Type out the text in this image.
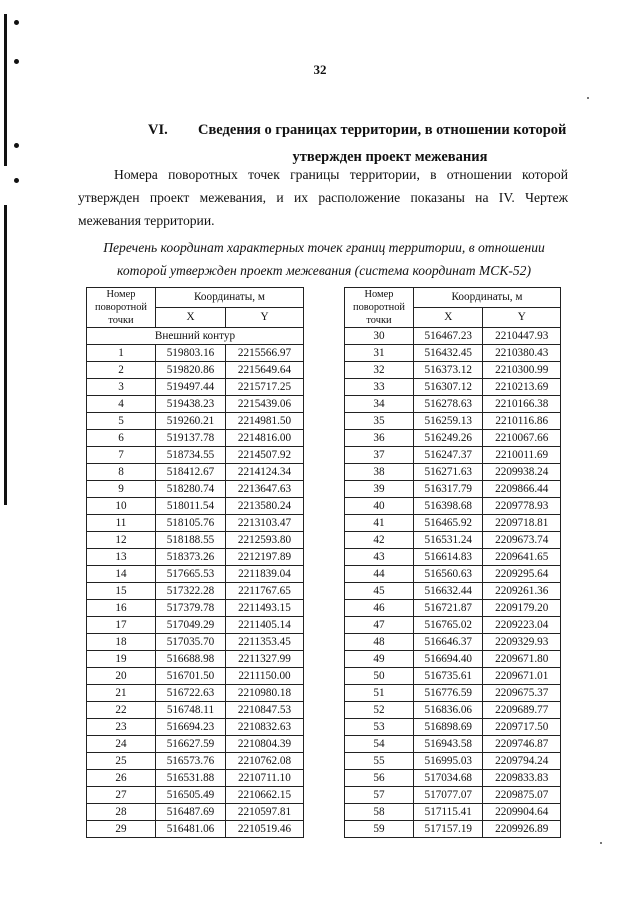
32
VI.	Сведения о границах территории, в отношении которой
утвержден проект межевания
Номера поворотных точек границы территории, в отношении которой утвержден проект межевания, и их расположение показаны на IV. Чертеж межевания территории.
Перечень координат характерных точек границ территории, в отношении
которой утвержден проект межевания (система координат МСК-52)
Номер поворотной точки	Координаты, м	
	X	Y
Внешний контур		
1	519803.16	2215566.97
2	519820.86	2215649.64
3	519497.44	2215717.25
4	519438.23	2215439.06
5	519260.21	2214981.50
6	519137.78	2214816.00
7	518734.55	2214507.92
8	518412.67	2214124.34
9	518280.74	2213647.63
10	518011.54	2213580.24
11	518105.76	2213103.47
12	518188.55	2212593.80
13	518373.26	2212197.89
14	517665.53	2211839.04
15	517322.28	2211767.65
16	517379.78	2211493.15
17	517049.29	2211405.14
18	517035.70	2211353.45
19	516688.98	2211327.99
20	516701.50	2211150.00
21	516722.63	2210980.18
22	516748.11	2210847.53
23	516694.23	2210832.63
24	516627.59	2210804.39
25	516573.76	2210762.08
26	516531.88	2210711.10
27	516505.49	2210662.15
28	516487.69	2210597.81
29	516481.06	2210519.46
Номер поворотной точки	Координаты, м	
	X	Y
30	516467.23	2210447.93
31	516432.45	2210380.43
32	516373.12	2210300.99
33	516307.12	2210213.69
34	516278.63	2210166.38
35	516259.13	2210116.86
36	516249.26	2210067.66
37	516247.37	2210011.69
38	516271.63	2209938.24
39	516317.79	2209866.44
40	516398.68	2209778.93
41	516465.92	2209718.81
42	516531.24	2209673.74
43	516614.83	2209641.65
44	516560.63	2209295.64
45	516632.44	2209261.36
46	516721.87	2209179.20
47	516765.02	2209223.04
48	516646.37	2209329.93
49	516694.40	2209671.80
50	516735.61	2209671.01
51	516776.59	2209675.37
52	516836.06	2209689.77
53	516898.69	2209717.50
54	516943.58	2209746.87
55	516995.03	2209794.24
56	517034.68	2209833.83
57	517077.07	2209875.07
58	517115.41	2209904.64
59	517157.19	2209926.89
